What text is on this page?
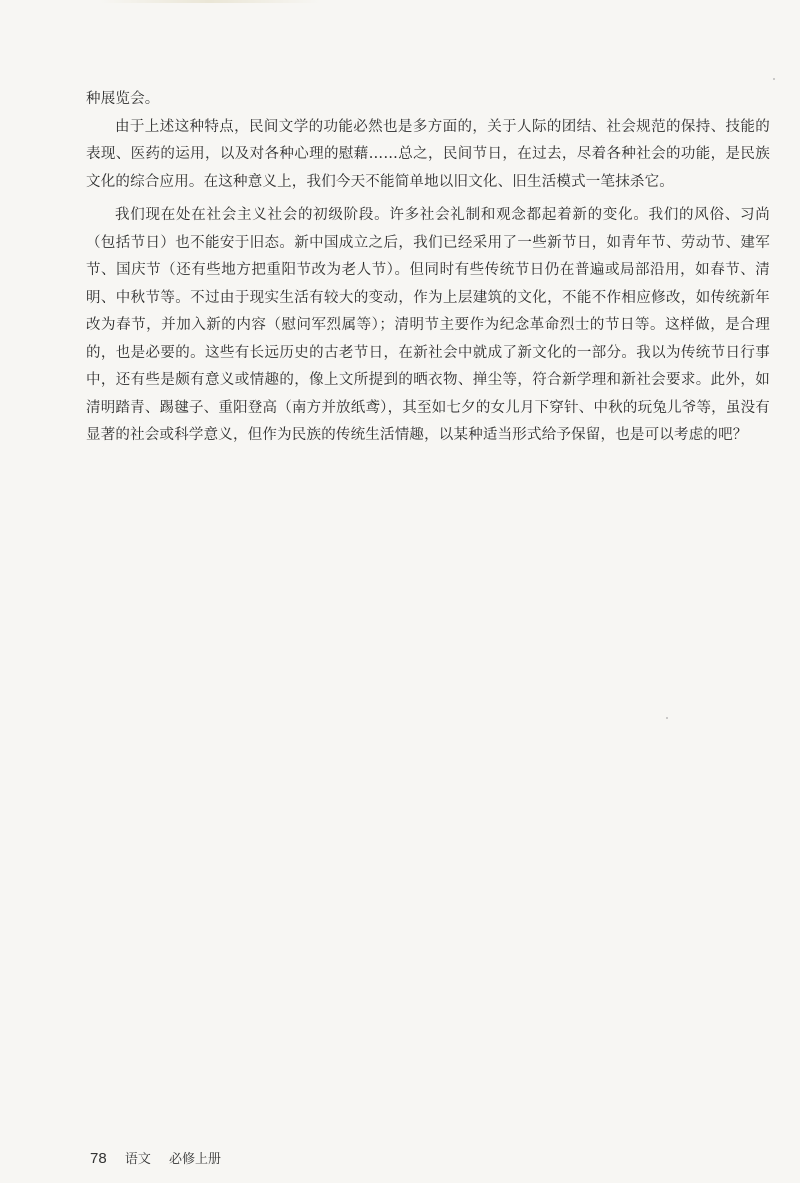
种展览会。

由于上述这种特点，民间文学的功能必然也是多方面的，关于人际的团结、社会规范的保持、技能的表现、医药的运用，以及对各种心理的慰藉……总之，民间节日，在过去，尽着各种社会的功能，是民族文化的综合应用。在这种意义上，我们今天不能简单地以旧文化、旧生活模式一笔抹杀它。

我们现在处在社会主义社会的初级阶段。许多社会礼制和观念都起着新的变化。我们的风俗、习尚（包括节日）也不能安于旧态。新中国成立之后，我们已经采用了一些新节日，如青年节、劳动节、建军节、国庆节（还有些地方把重阳节改为老人节）。但同时有些传统节日仍在普遍或局部沿用，如春节、清明、中秋节等。不过由于现实生活有较大的变动，作为上层建筑的文化，不能不作相应修改，如传统新年改为春节，并加入新的内容（慰问军烈属等）；清明节主要作为纪念革命烈士的节日等。这样做，是合理的，也是必要的。这些有长远历史的古老节日，在新社会中就成了新文化的一部分。我以为传统节日行事中，还有些是颇有意义或情趣的，像上文所提到的晒衣物、掸尘等，符合新学理和新社会要求。此外，如清明踏青、踢毽子、重阳登高（南方并放纸鸢），其至如七夕的女儿月下穿针、中秋的玩兔儿爷等，虽没有显著的社会或科学意义，但作为民族的传统生活情趣，以某种适当形式给予保留，也是可以考虑的吧？

78 语文 必修上册
